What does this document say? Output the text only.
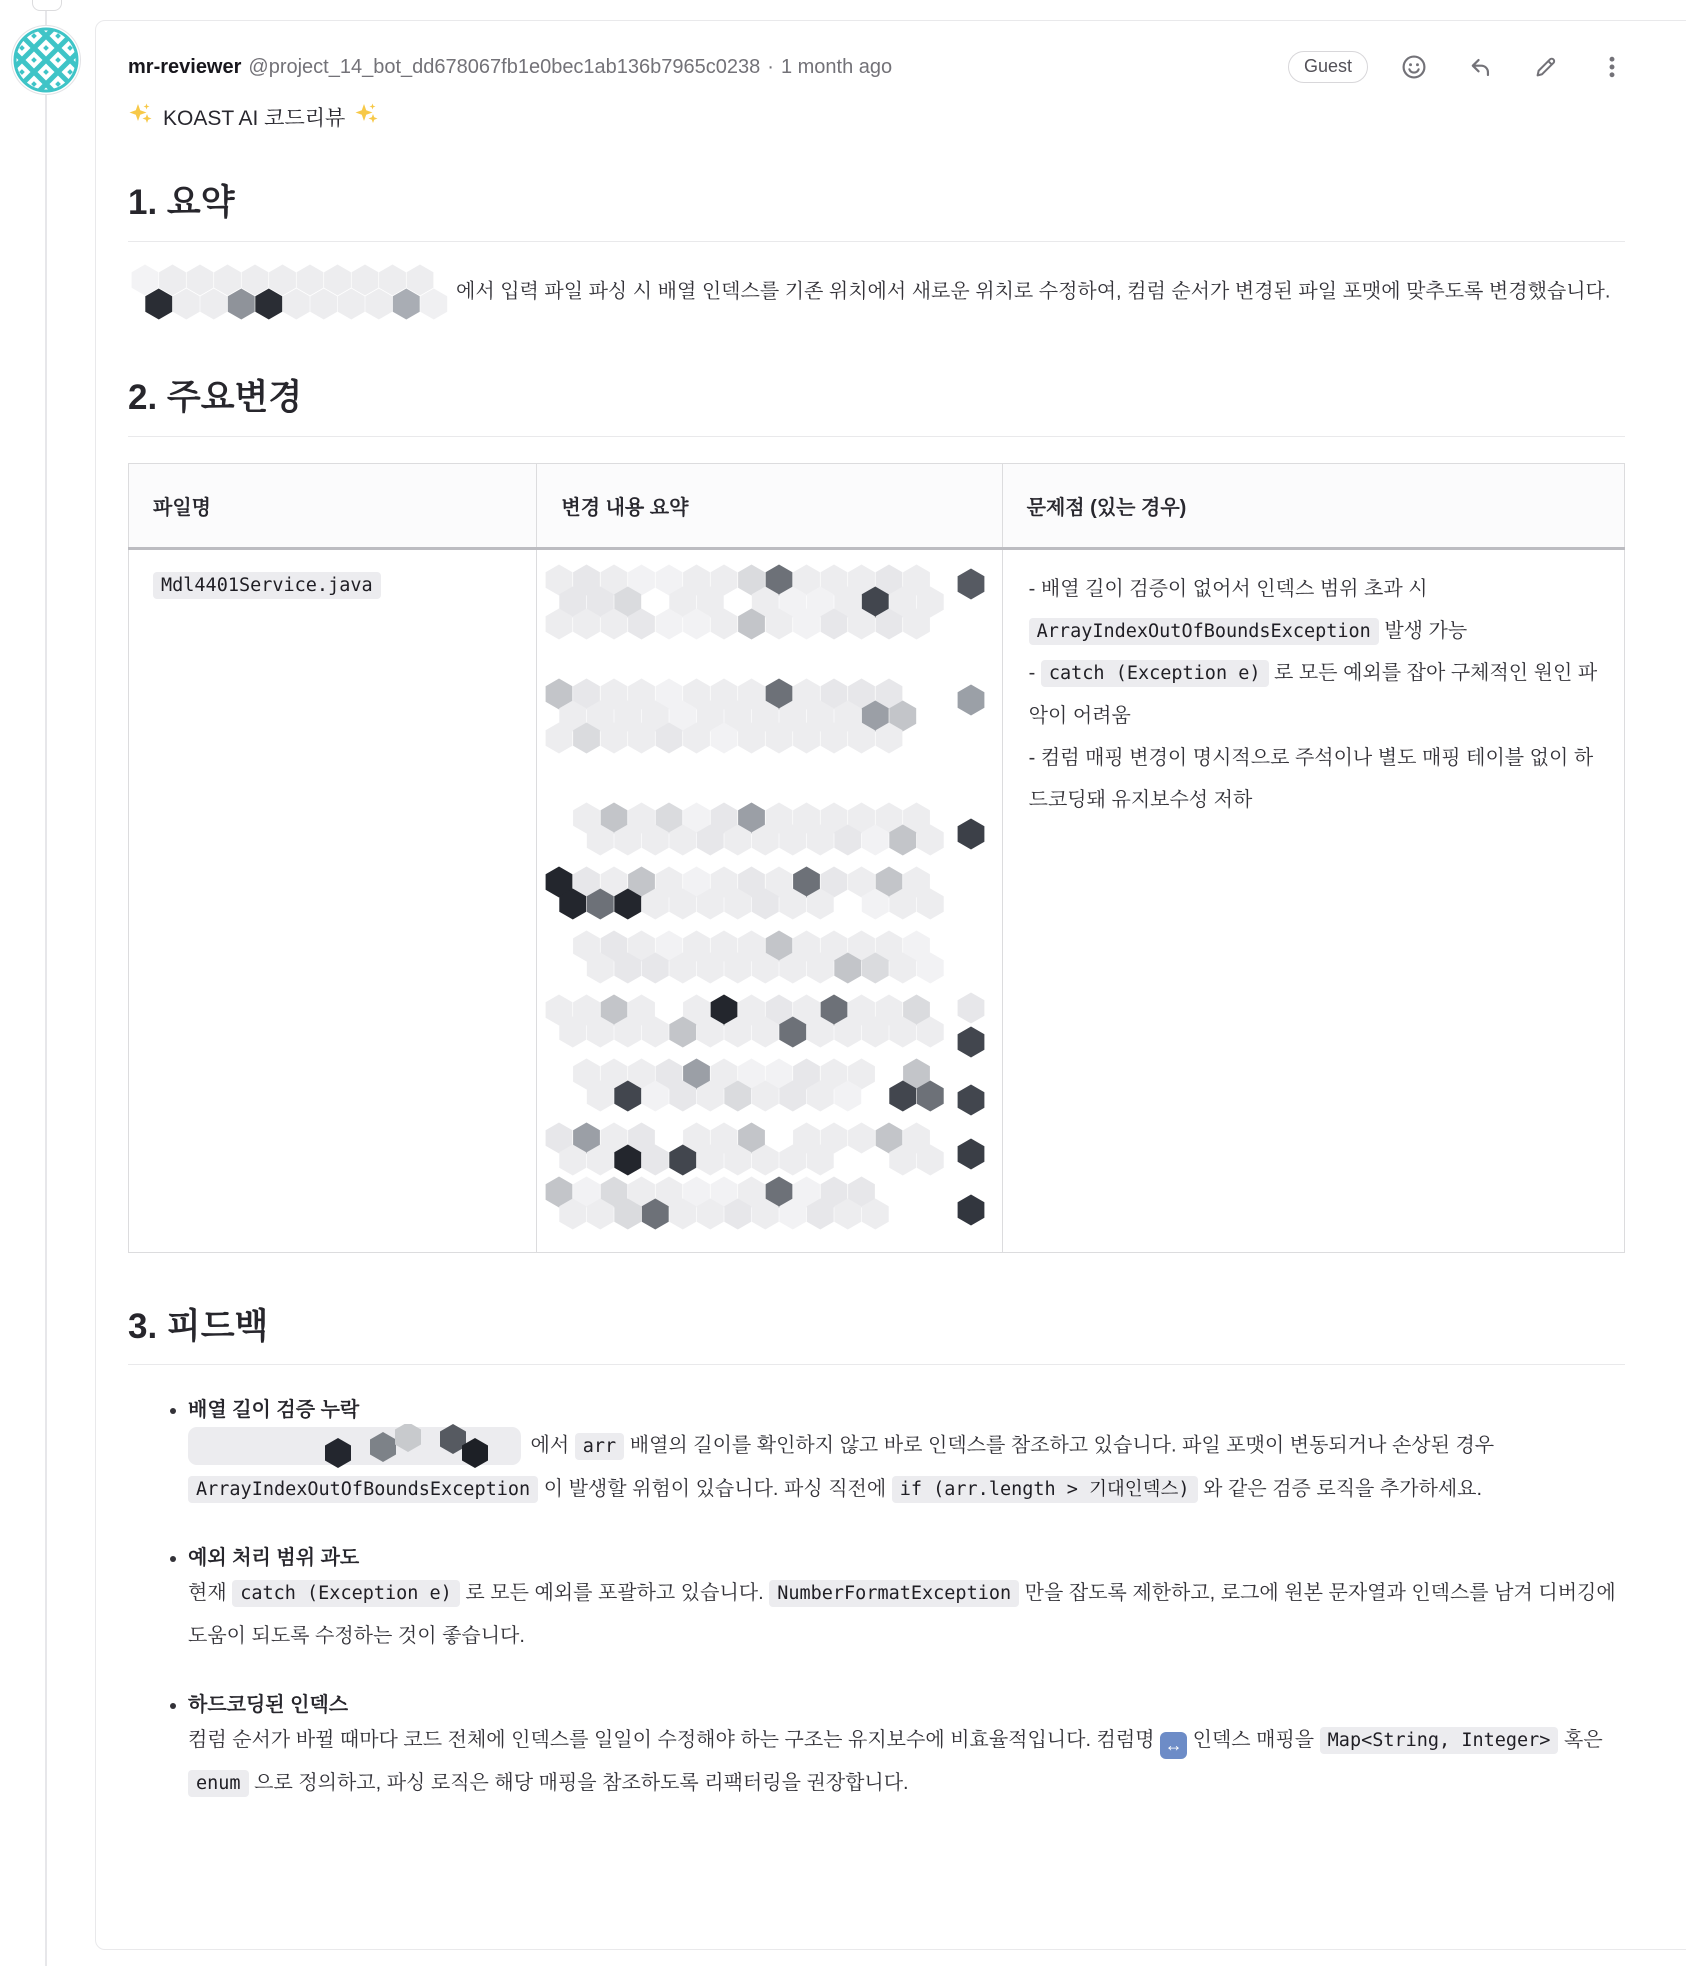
mr-reviewer @project_14_bot_dd678067fb1e0bec1ab136b7965c0238 · 1 month ago	Guest

KOAST AI 코드리뷰

1. 요약

에서 입력 파일 파싱 시 배열 인덱스를 기존 위치에서 새로운 위치로 수정하여, 컴럼 순서가 변경된 파일 포맷에 맞추도록 변경했습니다.

2. 주요변경
파일명	변경 내용 요약	문제점 (있는 경우)
Mdl4401Service.java		- 배열 길이 검증이 없어서 인덱스 범위 초과 시 ArrayIndexOutOfBoundsException 발생 가능
- catch (Exception e) 로 모든 예외를 잡아 구체적인 원인 파악이 어려움
- 컴럼 매핑 변경이 명시적으로 주석이나 별도 매핑 테이블 없이 하드코딩돼 유지보수성 저하
3. 피드백
• 배열 길이 검증 누락

에서 arr 배열의 길이를 확인하지 않고 바로 인덱스를 참조하고 있습니다. 파일 포맷이 변동되거나 손상된 경우 ArrayIndexOutOfBoundsException 이 발생할 위험이 있습니다. 파싱 직전에 if (arr.length > 기대인덱스) 와 같은 검증 로직을 추가하세요.

• 예외 처리 범위 과도

현재 catch (Exception e) 로 모든 예외를 포괄하고 있습니다. NumberFormatException 만을 잡도록 제한하고, 로그에 원본 문자열과 인덱스를 남겨 디버깅에 도움이 되도록 수정하는 것이 좋습니다.

• 하드코딩된 인덱스

컴럼 순서가 바뀔 때마다 코드 전체에 인덱스를 일일이 수정해야 하는 구조는 유지보수에 비효율적입니다. 컴럼명 ↔ 인덱스 매핑을 Map<String, Integer> 혹은 enum 으로 정의하고, 파싱 로직은 해당 매핑을 참조하도록 리팩터링을 권장합니다.
